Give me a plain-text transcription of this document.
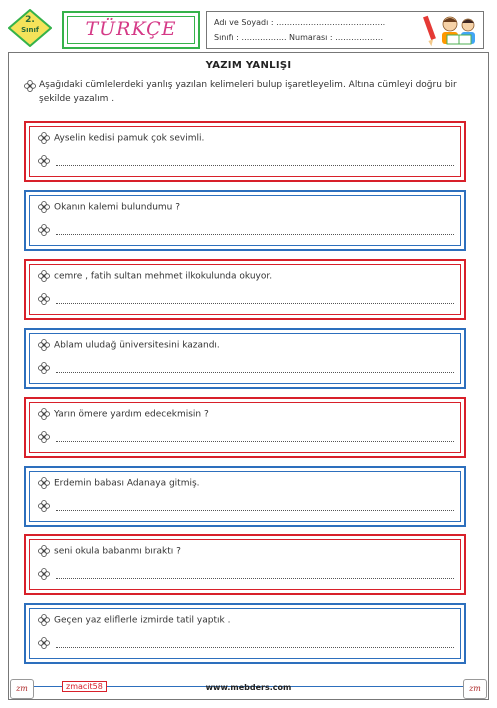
2.
Sınıf	TÜRKÇE	Adı ve Soyadı : …………………………………..
Sınıfı : …………….. Numarası : ………………
YAZIM YANLIŞI
Aşağıdaki cümlelerdeki yanlış yazılan kelimeleri bulup işaretleyelim. Altına cümleyi doğru bir şekilde yazalım .
Ayselin kedisi pamuk çok sevimli.
Okanın kalemi bulundumu ?
cemre , fatih sultan mehmet ilkokulunda okuyor.
Ablam uludağ üniversitesini kazandı.
Yarın ömere yardım edecekmisin ?
Erdemin babası Adanaya gitmiş.
seni okula babanmı bıraktı ?
Geçen yaz eliflerle izmirde tatil yaptık .
zm	zmacit58	www.mebders.com	zm
